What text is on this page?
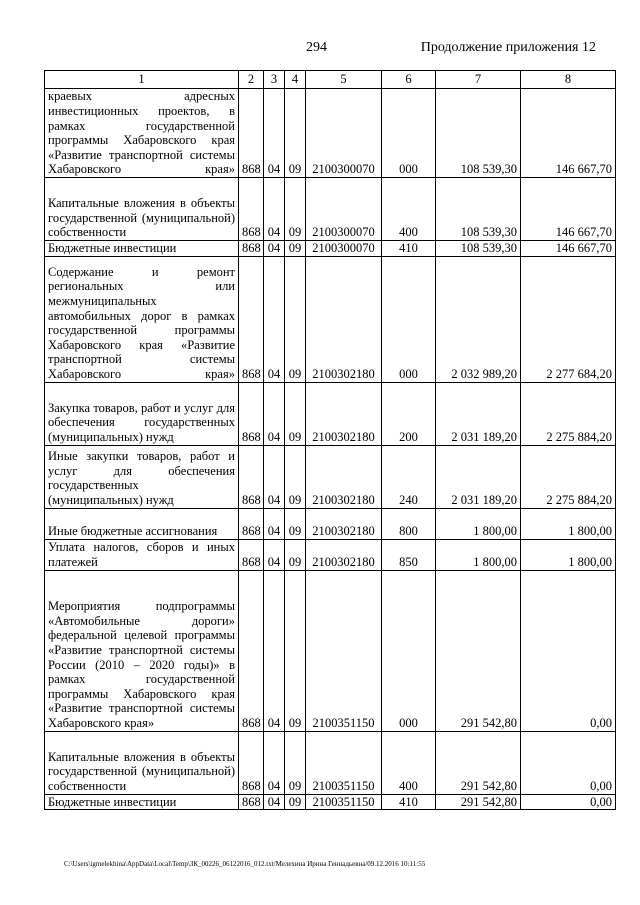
294	Продолжение приложения 12
1	2	3	4	5	6	7	8
краевых адресных инвестиционных проектов, в рамках государственной программы Хабаровского края «Развитие транспортной системы Хабаровского края»	868	04	09	2100300070	000	108 539,30	146 667,70
Капитальные вложения в объекты государственной (муниципальной) собственности	868	04	09	2100300070	400	108 539,30	146 667,70
Бюджетные инвестиции	868	04	09	2100300070	410	108 539,30	146 667,70
Содержание и ремонт региональных или межмуниципальных автомобильных дорог в рамках государственной программы Хабаровского края «Развитие транспортной системы Хабаровского края»	868	04	09	2100302180	000	2 032 989,20	2 277 684,20
Закупка товаров, работ и услуг для обеспечения государственных (муниципальных) нужд	868	04	09	2100302180	200	2 031 189,20	2 275 884,20
Иные закупки товаров, работ и услуг для обеспечения государственных (муниципальных) нужд	868	04	09	2100302180	240	2 031 189,20	2 275 884,20
Иные бюджетные ассигнования	868	04	09	2100302180	800	1 800,00	1 800,00
Уплата налогов, сборов и иных платежей	868	04	09	2100302180	850	1 800,00	1 800,00
Мероприятия подпрограммы «Автомобильные дороги» федеральной целевой программы «Развитие транспортной системы России (2010 – 2020 годы)» в рамках государственной программы Хабаровского края «Развитие транспортной системы Хабаровского края»	868	04	09	2100351150	000	291 542,80	0,00
Капитальные вложения в объекты государственной (муниципальной) собственности	868	04	09	2100351150	400	291 542,80	0,00
Бюджетные инвестиции	868	04	09	2100351150	410	291 542,80	0,00
C:\Users\igmelekhina\AppData\Local\Temp\ЗК_00226_06122016_012.txt/Мелехина Ирина Геннадьевна/09.12.2016 10:11:55
